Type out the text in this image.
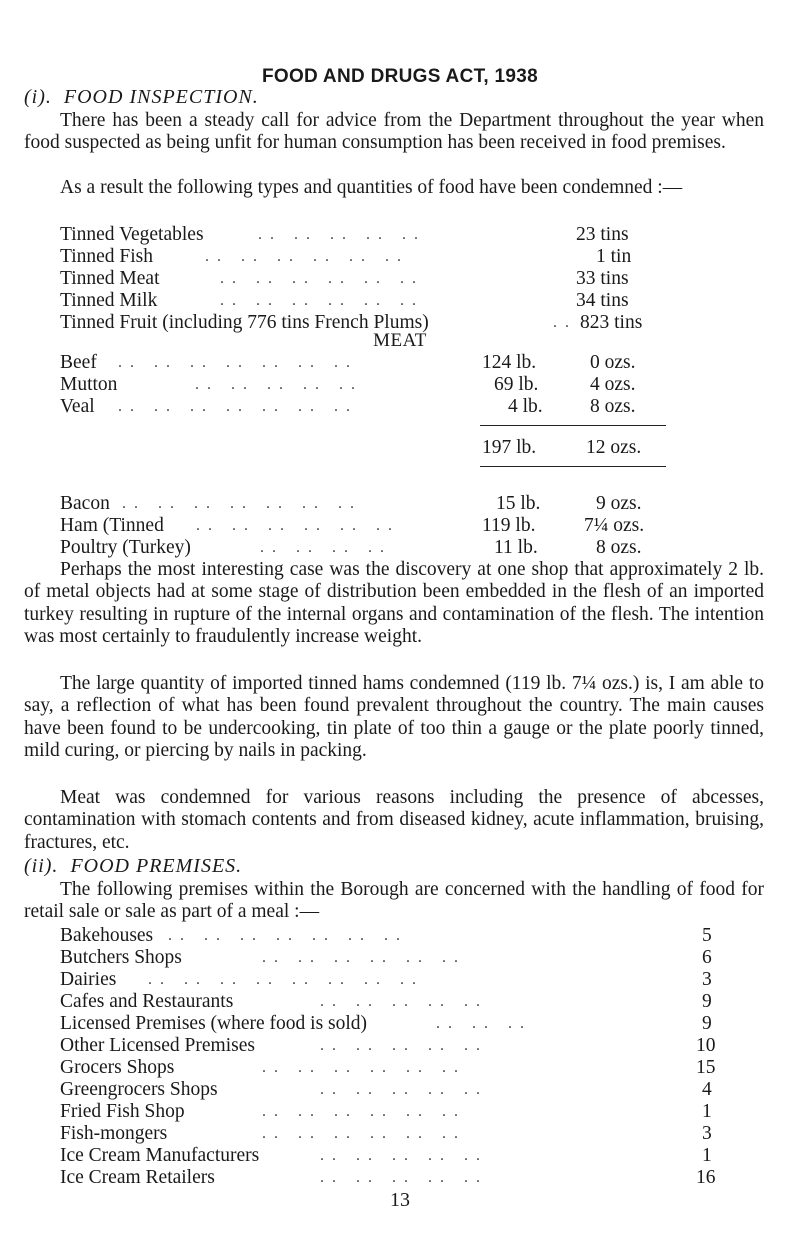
FOOD AND DRUGS ACT, 1938
(i). FOOD INSPECTION.

There has been a steady call for advice from the Department throughout the year when food suspected as being unfit for human consumption has been received in food premises.

As a result the following types and quantities of food have been condemned :—

Tinned Vegetables	. .   . .   . .   . .   . .	23 tins
Tinned Fish	. .   . .   . .   . .   . .   . .	1 tin
Tinned Meat	. .   . .   . .   . .   . .   . .	33 tins
Tinned Milk	. .   . .   . .   . .   . .   . .	34 tins
Tinned Fruit (including 776 tins French Plums)	. . 823 tins
MEAT
Beef . .   . .   . .   . .   . .   . .   . .	124 lb.	0 ozs.
Mutton	. .   . .   . .   . .   . .	69 lb.	4 ozs.
Veal . .   . .   . .   . .   . .   . .   . .	4 lb. 8 ozs.
197 lb.	12 ozs.
Bacon . .   . .   . .   . .   . .   . .   . .	15 lb.	9 ozs.
Ham (Tinned . .   . .   . .   . .   . .   . .	119 lb. 7¼ ozs.
Poultry (Turkey)	. .   . .   . .   . .	11 lb.	8 ozs.

Perhaps the most interesting case was the discovery at one shop that approximately 2 lb. of metal objects had at some stage of distribution been embedded in the flesh of an imported turkey resulting in rupture of the internal organs and contamination of the flesh. The intention was most certainly to fraudulently increase weight.

The large quantity of imported tinned hams condemned (119 lb. 7¼ ozs.) is, I am able to say, a reflection of what has been found prevalent throughout the country. The main causes have been found to be undercooking, tin plate of too thin a gauge or the plate poorly tinned, mild curing, or piercing by nails in packing.

Meat was condemned for various reasons including the presence of abcesses, contamination with stomach contents and from diseased kidney, acute inflammation, bruising, fractures, etc.

(ii). FOOD PREMISES.

The following premises within the Borough are concerned with the handling of food for retail sale or sale as part of a meal :—

Bakehouses . .   . .   . .   . .   . .   . .   . .	5
Butchers Shops	. .   . .   . .   . .   . .   . .	6
Dairies . .   . .   . .   . .   . .   . .   . .   . .	3
Cafes and Restaurants	. .   . .   . .   . .   . .	9
Licensed Premises (where food is sold)	. .   . .   . .	9
Other Licensed Premises	. .   . .   . .   . .   . .	10
Grocers Shops	. .   . .   . .   . .   . .   . .	15
Greengrocers Shops	. .   . .   . .   . .   . .	4
Fried Fish Shop	. .   . .   . .   . .   . .   . .	1
Fish-mongers	. .   . .   . .   . .   . .   . .	3
Ice Cream Manufacturers	. .   . .   . .   . .   . .	1
Ice Cream Retailers	. .   . .   . .   . .   . .	16
13
